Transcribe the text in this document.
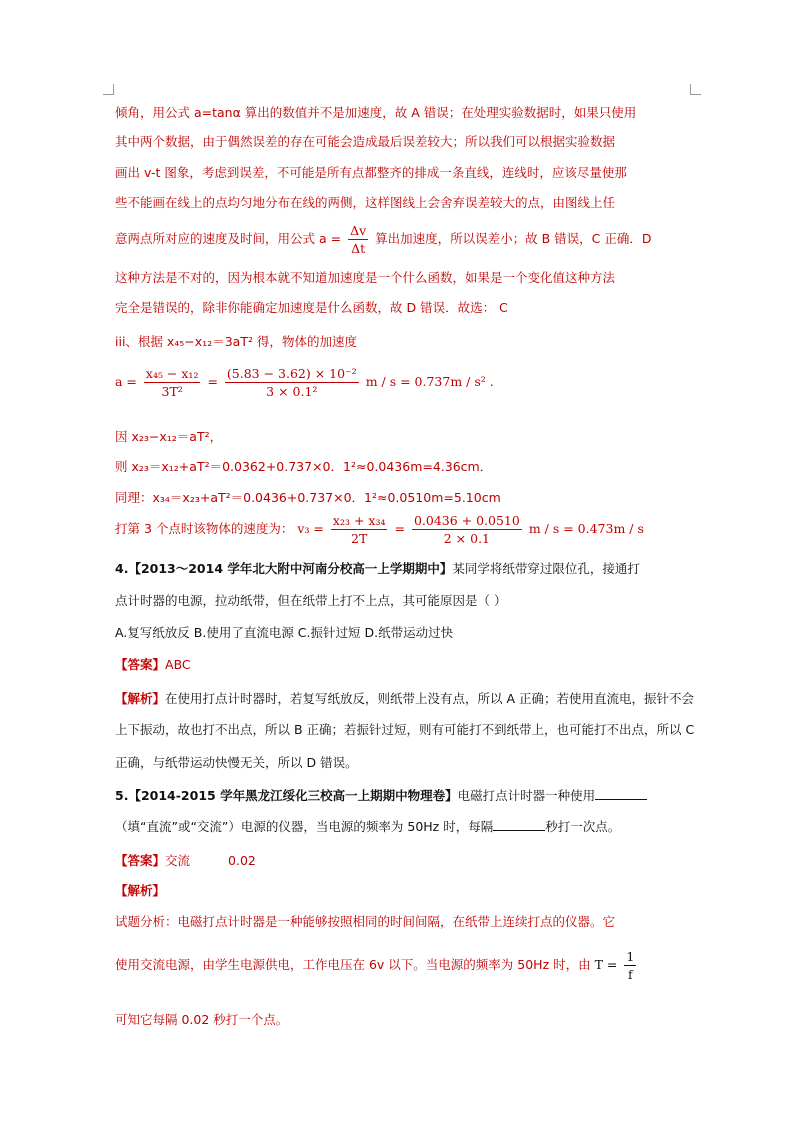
倾角，用公式 a=tanα 算出的数值并不是加速度，故 A 错误；在处理实验数据时，如果只使用
其中两个数据，由于偶然误差的存在可能会造成最后误差较大；所以我们可以根据实验数据
画出 v-t 图象，考虑到误差，不可能是所有点都整齐的排成一条直线，连线时，应该尽量使那
些不能画在线上的点均匀地分布在线的两侧，这样图线上会舍弃误差较大的点，由图线上任
意两点所对应的速度及时间，用公式 $a = \frac{\Delta v}{\Delta t}$ 算出加速度，所以误差小；故 B 错误，C 正确．D
这种方法是不对的，因为根本就不知道加速度是一个什么函数，如果是一个变化值这种方法
完全是错误的，除非你能确定加速度是什么函数，故 D 错误．故选： C
iii、根据 x₄₅−x₁₂＝3aT² 得，物体的加速度
$a = \frac{\text{x₄₅ − x₁₂}}{\text{3T²}} = \frac{\text{(5.83 − 3.62) × 10⁻²}}{\text{3 × 0.1²}}$ m / s = 0.737m / s² .
因 x₂₃−x₁₂＝aT²，
则 x₂₃＝x₁₂+aT²＝0.0362+0.737×0．1²≈0.0436m=4.36cm．
同理：x₃₄＝x₂₃+aT²＝0.0436+0.737×0．1²≈0.0510m=5.10cm
打第 3 个点时该物体的速度为： $v_3 = \frac{\text{x₂₃ + x₃₄}}{2T} = \frac{0.0436 + 0.0510}{2 \times 0.1}$ m / s = 0.473m / s
4.【2013～2014 学年北大附中河南分校高一上学期期中】某同学将纸带穿过限位孔，接通打
点计时器的电源，拉动纸带，但在纸带上打不上点，其可能原因是（ ）
A.复写纸放反 B.使用了直流电源 C.振针过短 D.纸带运动过快
【答案】ABC
【解析】在使用打点计时器时，若复写纸放反，则纸带上没有点，所以 A 正确；若使用直流电，振针不会
上下振动，故也打不出点，所以 B 正确；若振针过短，则有可能打不到纸带上，也可能打不出点，所以 C
正确，与纸带运动快慢无关，所以 D 错误。
5.【2014-2015 学年黑龙江绥化三校高一上期期中物理卷】电磁打点计时器一种使用
（填“直流”或“交流”）电源的仪器，当电源的频率为 50Hz 时，每隔	秒打一次点。
【答案】交流	0.02
【解析】
试题分析：电磁打点计时器是一种能够按照相同的时间间隔，在纸带上连续打点的仪器。它
使用交流电源，由学生电源供电，工作电压在 6v 以下。当电源的频率为 50Hz 时，由 $T = \frac{1}{f}$
可知它每隔 0.02 秒打一个点。
